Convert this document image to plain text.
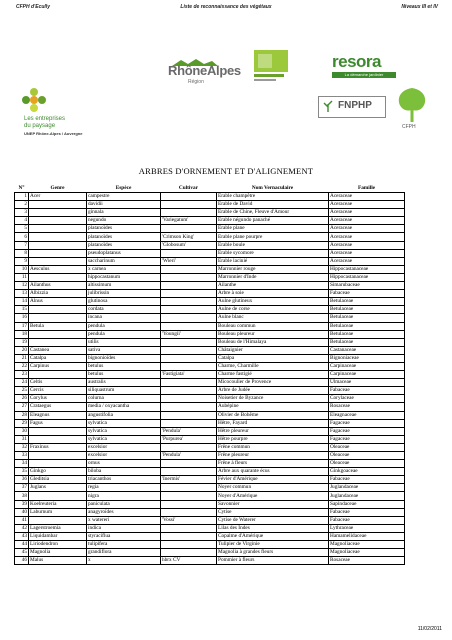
CFPH d'Ecully	Liste de reconnaissance des végétaux	Niveaux III et IV
RhôneAlpes
Région
resora
La démarche jardinier
Les entreprises
du paysage
UNEP Rhône-Alpes / Auvergne
FNPHP
CFPH
ARBRES D'ORNEMENT ET D'ALIGNEMENT
N°	Genre	Espèce	Cultivar	Nom Vernaculaire	Famille
1	Acer	campestre		Erable champêtre	Aceraceae
2		davidii		Erable de David	Aceraceae
3		ginnala		Erable de Chine, Fleuve d'Amour	Aceraceae
4		negundo	'Variegatum'	Erable négundo panaché	Aceraceae
5		platanoïdes		Erable plane	Aceraceae
6		platanoïdes	'Crimson King'	Erable plane pourpre	Aceraceae
7		platanoïdes	'Globosum'	Erable boule	Aceraceae
8		pseudoplatanus		Erable sycomore	Aceraceae
9		saccharinum	'Wieri'	Erable lacinié	Aceraceae
10	Aesculus	x carnea		Marronnier rouge	Hippocastanaceae
11		hippocastanum		Marronnier d'Inde	Hippocastanaceae
12	Ailanthus	altissimum		Ailanthe	Simarubaceae
13	Albizzia	julibrissin		Arbre à soie	Fabaceae
14	Alnus	glutinosa		Aulne glutineux	Betulaceae
15		cordata		Aulne de corse	Betulaceae
16		incana		Aulne blanc	Betulaceae
17	Betula	pendula		Bouleau commun	Betulaceae
18		pendula	'Youngii'	Bouleau pleureur	Betulaceae
19		utilis		Bouleau de l'Himalaya	Betulaceae
20	Castanea	sativa		Châtaignier	Castanaceae
21	Catalpa	bignonioïdes		Catalpa	Bignoniaceae
22	Carpinus	betulus		Charme, Charmille	Carpinaceae
23		betulus	'Fastigiata'	Charme fastigié	Carpinaceae
24	Celtis	australis		Micocoulier de Provence	Ulmaceae
25	Cercis	siliquastrum		Arbre de Judée	Fabaceae
26	Corylus	colurna		Noisetier de Byzance	Corylaceae
27	Crataegus	media / oxyacantha		Aubépine	Rosaceae
28	Eleagnus	angustifolia		Olivier de Bohême	Eleagnaceae
29	Fagus	sylvatica		Hêtre, Fayard	Fagaceae
30		sylvatica	'Pendula'	Hêtre pleureur	Fagaceae
31		sylvatica	'Purpurea'	Hêtre pourpre	Fagaceae
32	Fraxinus	excelsior		Frêne commun	Oleaceae
33		excelsior	'Pendula'	Frêne pleureur	Oleaceae
34		ornus		Frêne à fleurs	Oleaceae
35	Ginkgo	biloba		Arbre aux quarante écus	Ginkgoaceae
36	Gleditsia	triacanthos	'Inermis'	Févier d'Amérique	Fabaceae
37	Juglans	regia		Noyer commun	Juglandaceae
38		nigra		Noyer d'Amérique	Juglandaceae
39	Koelreuteria	paniculata		Savonnier	Sapindaceae
40	Laburnum	anagyroïdes		Cytise	Fabaceae
41		x watereri	'Vossi'	Cytise de Waterer	Fabaceae
42	Lagerstroemia	indica		Lilas des Indes	Lythraceae
43	Liquidambar	styraciflua		Copalme d'Amérique	Hamamelidaceae
44	Liriodendron	tulipifera		Tulipier de Virginie	Magnoliaceae
45	Magnolia	grandiflora		Magnolia à grandes fleurs	Magnoliaceae
46	Malus	x	hbrx CV	Pommier à fleurs	Rosaceae
11/02/2011
